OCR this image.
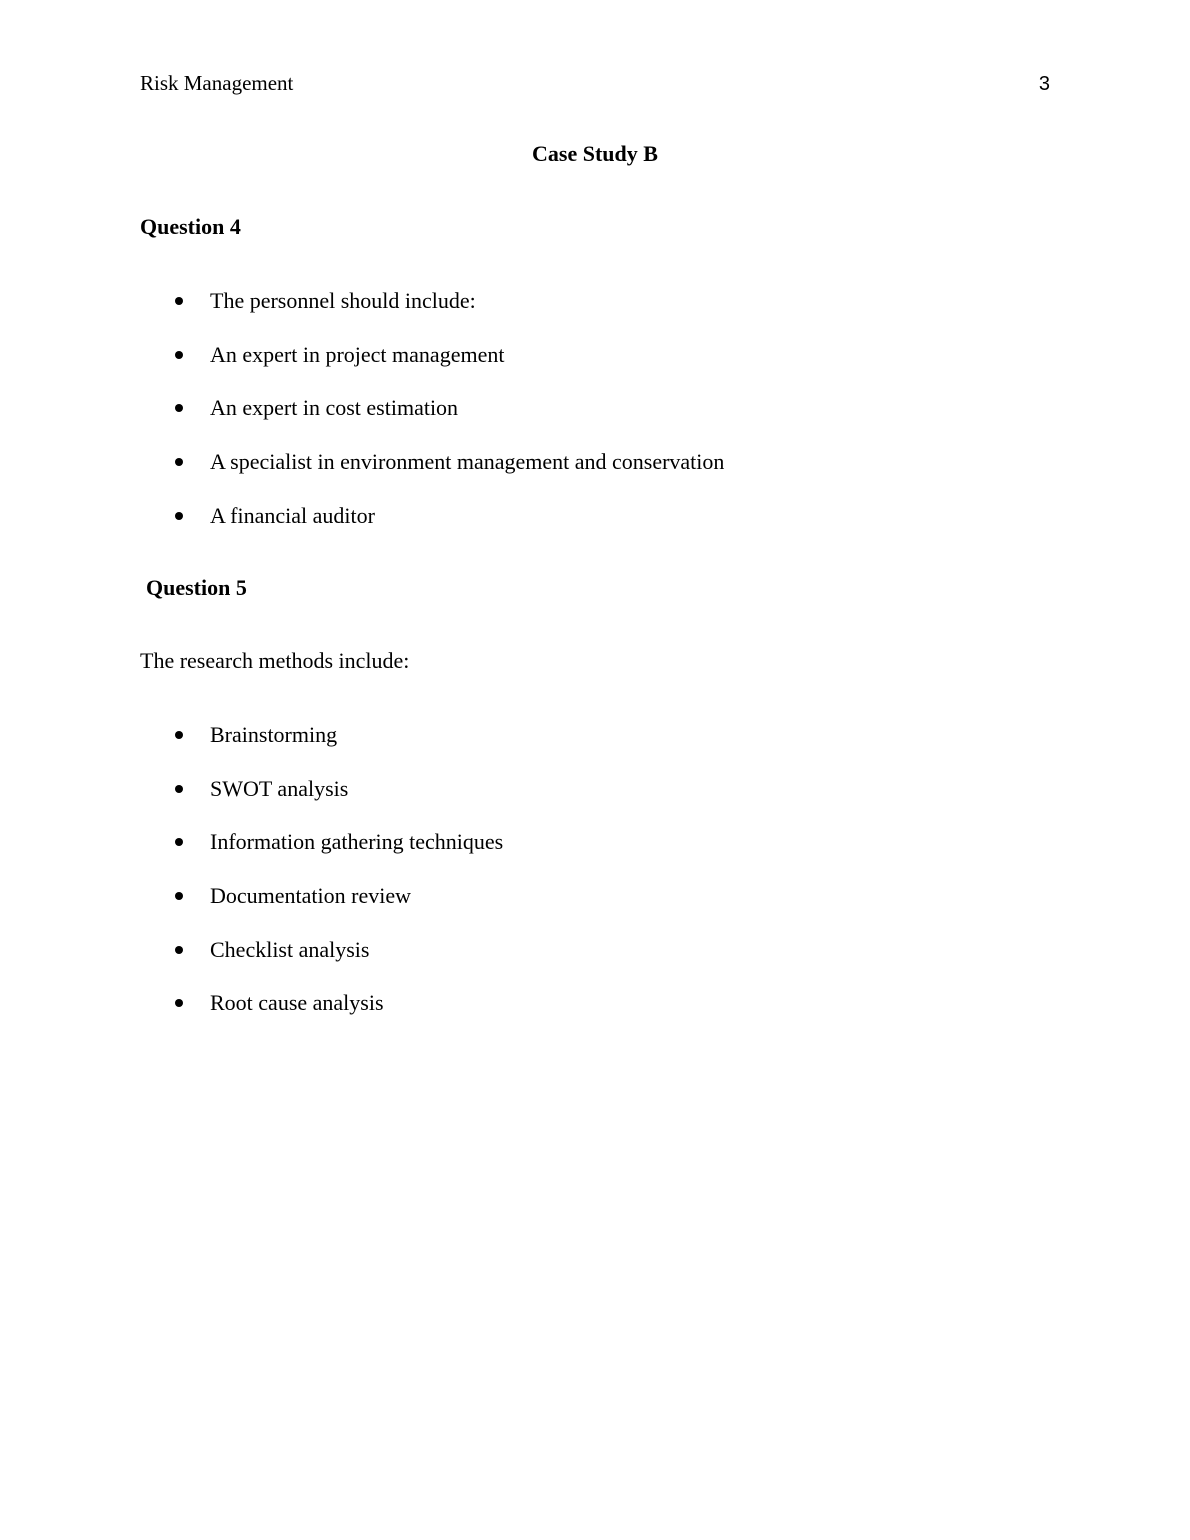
Risk Management	3
Case Study B
Question 4
The personnel should include:
An expert in project management
An expert in cost estimation
A specialist in environment management and conservation
A financial auditor
Question 5
The research methods include:
Brainstorming
SWOT analysis
Information gathering techniques
Documentation review
Checklist analysis
Root cause analysis
